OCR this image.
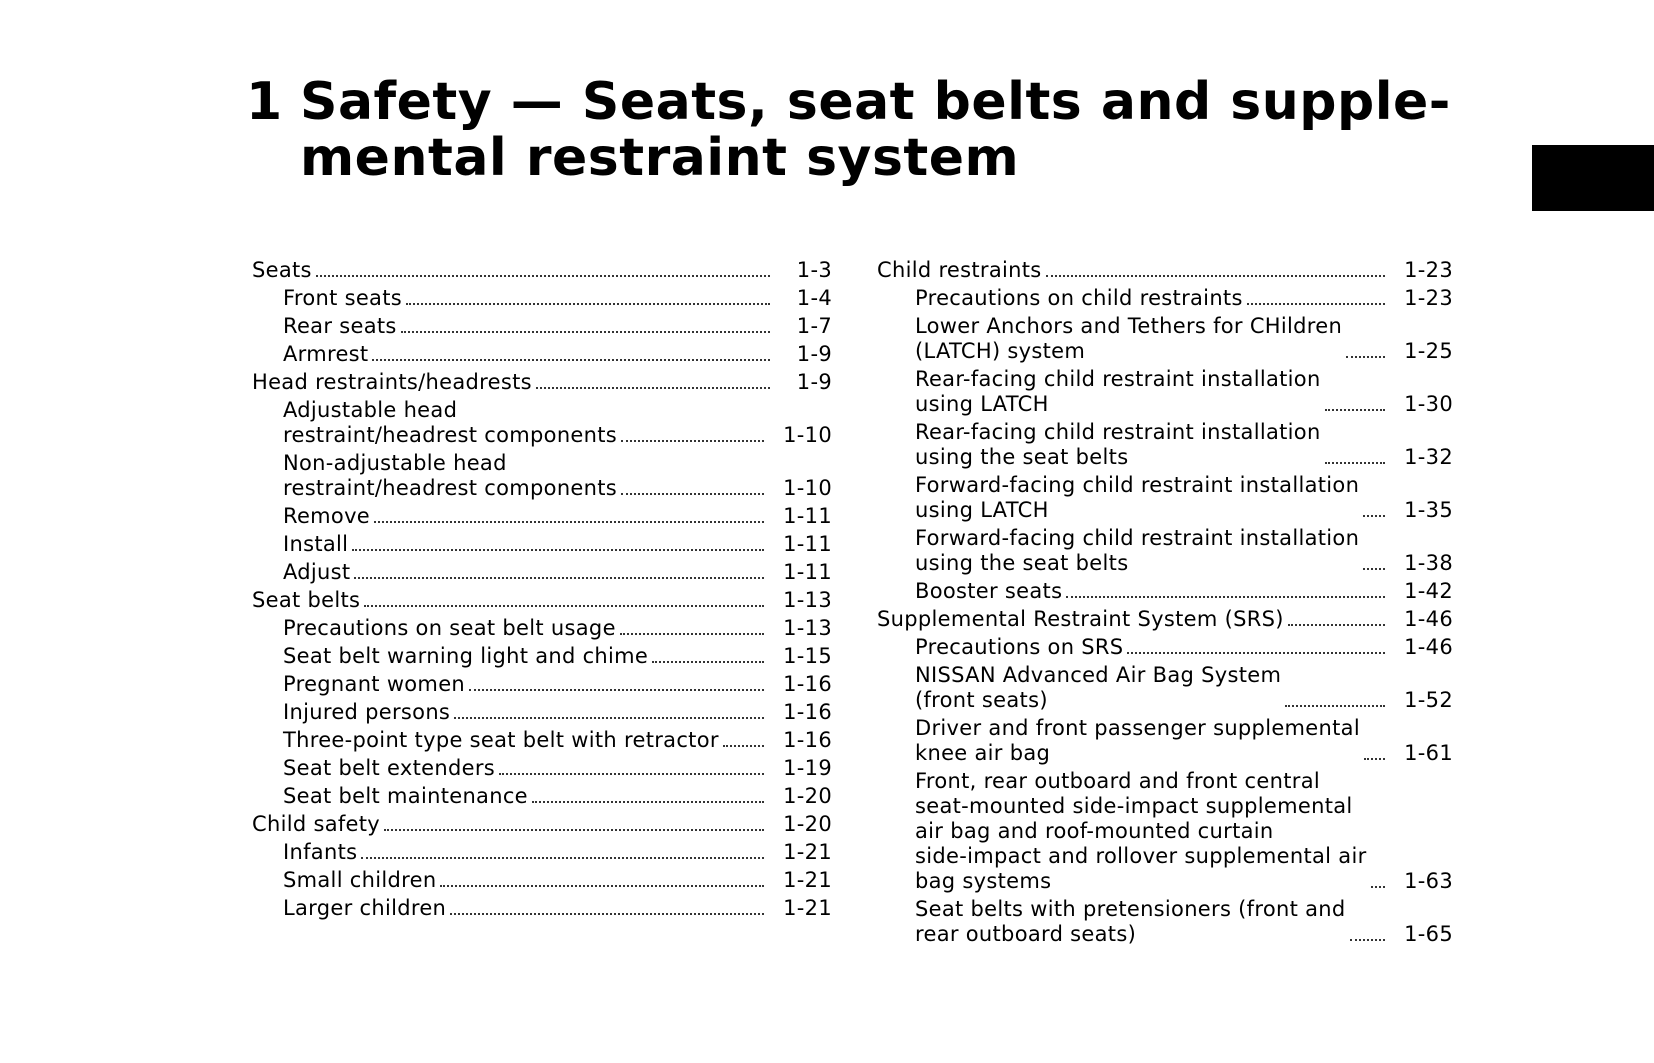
1 Safety — Seats, seat belts and supple-
mental restraint system
Seats	1-3
Front seats	1-4
Rear seats	1-7
Armrest	1-9
Head restraints/headrests	1-9
Adjustable head
restraint/headrest components	1-10
Non-adjustable head
restraint/headrest components	1-10
Remove	1-11
Install	1-11
Adjust	1-11
Seat belts	1-13
Precautions on seat belt usage	1-13
Seat belt warning light and chime	1-15
Pregnant women	1-16
Injured persons	1-16
Three-point type seat belt with retractor	1-16
Seat belt extenders	1-19
Seat belt maintenance	1-20
Child safety	1-20
Infants	1-21
Small children	1-21
Larger children	1-21
Child restraints	1-23
Precautions on child restraints	1-23
Lower Anchors and Tethers for CHildren
(LATCH) system	1-25
Rear-facing child restraint installation
using LATCH	1-30
Rear-facing child restraint installation
using the seat belts	1-32
Forward-facing child restraint installation
using LATCH	1-35
Forward-facing child restraint installation
using the seat belts	1-38
Booster seats	1-42
Supplemental Restraint System (SRS)	1-46
Precautions on SRS	1-46
NISSAN Advanced Air Bag System
(front seats)	1-52
Driver and front passenger supplemental
knee air bag	1-61
Front, rear outboard and front central
seat-mounted side-impact supplemental
air bag and roof-mounted curtain
side-impact and rollover supplemental air
bag systems	1-63
Seat belts with pretensioners (front and
rear outboard seats)	1-65
